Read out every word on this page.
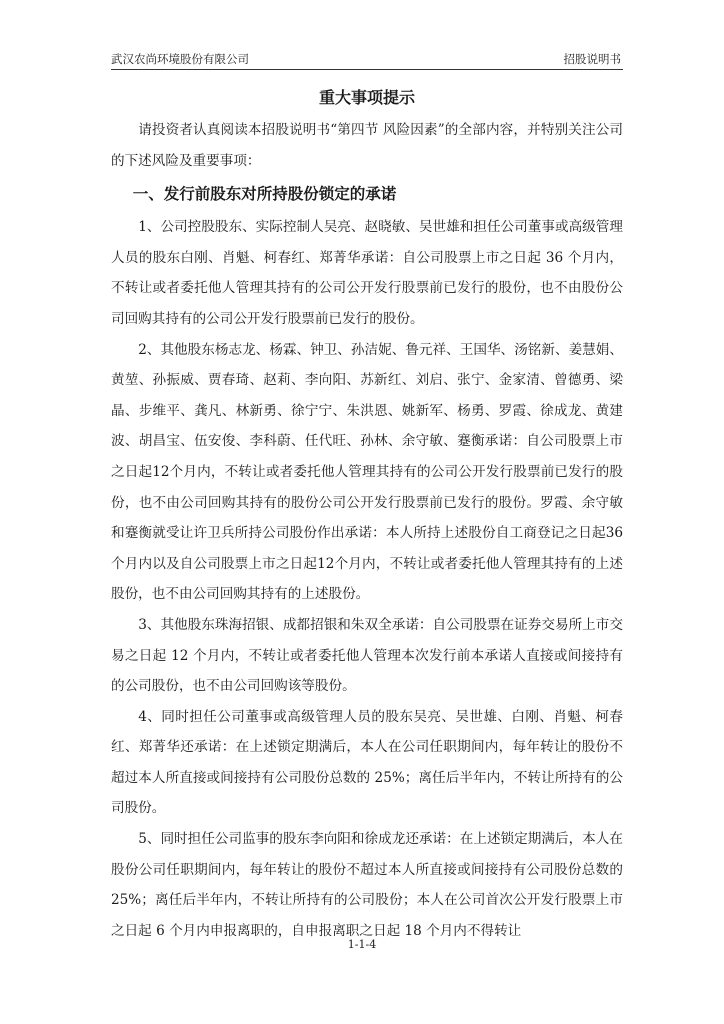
武汉农尚环境股份有限公司	招股说明书
重大事项提示

请投资者认真阅读本招股说明书“第四节 风险因素”的全部内容，并特别关注公司的下述风险及重要事项：

一、发行前股东对所持股份锁定的承诺

1、公司控股股东、实际控制人吴亮、赵晓敏、吴世雄和担任公司董事或高级管理人员的股东白刚、肖魁、柯春红、郑菁华承诺：自公司股票上市之日起 36 个月内，不转让或者委托他人管理其持有的公司公开发行股票前已发行的股份，也不由股份公司回购其持有的公司公开发行股票前已发行的股份。

2、其他股东杨志龙、杨霖、钟卫、孙洁妮、鲁元祥、王国华、汤铭新、姜慧娟、黄堃、孙振威、贾春琦、赵莉、李向阳、苏新红、刘启、张宁、金家清、曾德勇、梁晶、步维平、龚凡、林新勇、徐宁宁、朱洪恩、姚新军、杨勇、罗霞、徐成龙、黄建波、胡昌宝、伍安俊、李科蔚、任代旺、孙林、余守敏、蹇衡承诺：自公司股票上市之日起12个月内，不转让或者委托他人管理其持有的公司公开发行股票前已发行的股份，也不由公司回购其持有的股份公司公开发行股票前已发行的股份。罗霞、余守敏和蹇衡就受让许卫兵所持公司股份作出承诺：本人所持上述股份自工商登记之日起36个月内以及自公司股票上市之日起12个月内，不转让或者委托他人管理其持有的上述股份，也不由公司回购其持有的上述股份。

3、其他股东珠海招银、成都招银和朱双全承诺：自公司股票在证券交易所上市交易之日起 12 个月内，不转让或者委托他人管理本次发行前本承诺人直接或间接持有的公司股份，也不由公司回购该等股份。

4、同时担任公司董事或高级管理人员的股东吴亮、吴世雄、白刚、肖魁、柯春红、郑菁华还承诺：在上述锁定期满后，本人在公司任职期间内，每年转让的股份不超过本人所直接或间接持有公司股份总数的 25%；离任后半年内，不转让所持有的公司股份。

5、同时担任公司监事的股东李向阳和徐成龙还承诺：在上述锁定期满后，本人在股份公司任职期间内，每年转让的股份不超过本人所直接或间接持有公司股份总数的 25%；离任后半年内，不转让所持有的公司股份；本人在公司首次公开发行股票上市之日起 6 个月内申报离职的，自申报离职之日起 18 个月内不得转让

1-1-4
